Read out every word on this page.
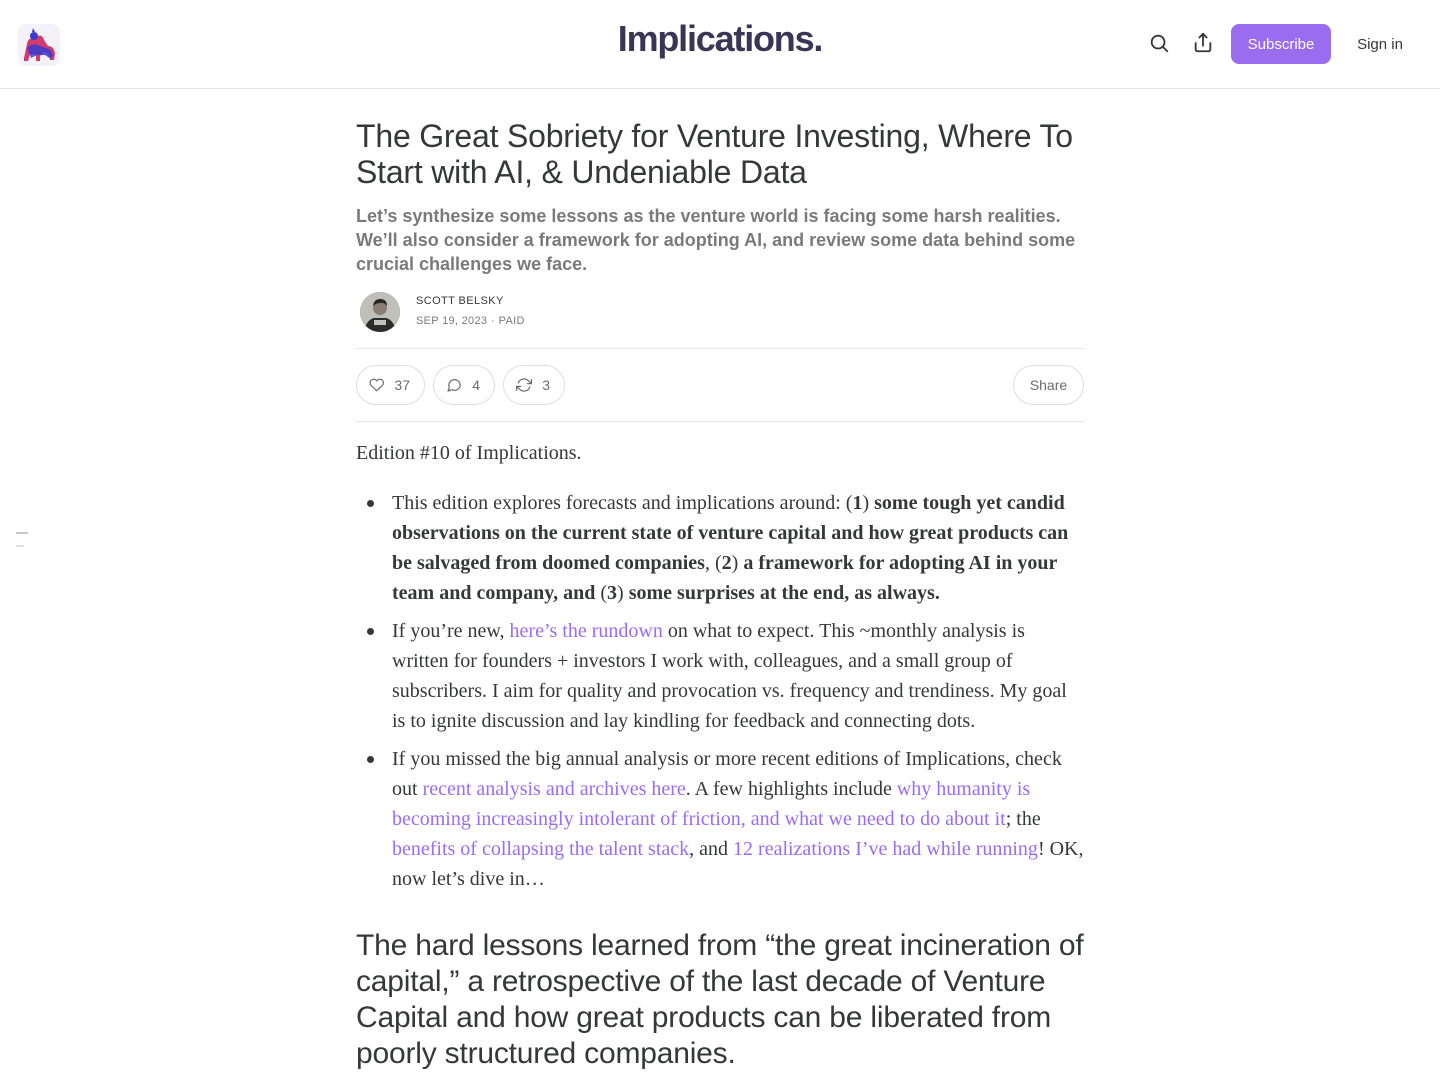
Implications.	Subscribe	Sign in
The Great Sobriety for Venture Investing, Where To Start with AI, & Undeniable Data
Let’s synthesize some lessons as the venture world is facing some harsh realities. We’ll also consider a framework for adopting AI, and review some data behind some crucial challenges we face.
SCOTT BELSKY
SEP 19, 2023 ∙ PAID
37	4	3	Share

Edition #10 of Implications.

This edition explores forecasts and implications around: (1) some tough yet candid observations on the current state of venture capital and how great products can be salvaged from doomed companies, (2) a framework for adopting AI in your team and company, and (3) some surprises at the end, as always.
If you’re new, here’s the rundown on what to expect. This ~monthly analysis is written for founders + investors I work with, colleagues, and a small group of subscribers. I aim for quality and provocation vs. frequency and trendiness. My goal is to ignite discussion and lay kindling for feedback and connecting dots.
If you missed the big annual analysis or more recent editions of Implications, check out recent analysis and archives here. A few highlights include why humanity is becoming increasingly intolerant of friction, and what we need to do about it; the benefits of collapsing the talent stack, and 12 realizations I’ve had while running! OK, now let’s dive in…
The hard lessons learned from “the great incineration of capital,” a retrospective of the last decade of Venture Capital and how great products can be liberated from poorly structured companies.
